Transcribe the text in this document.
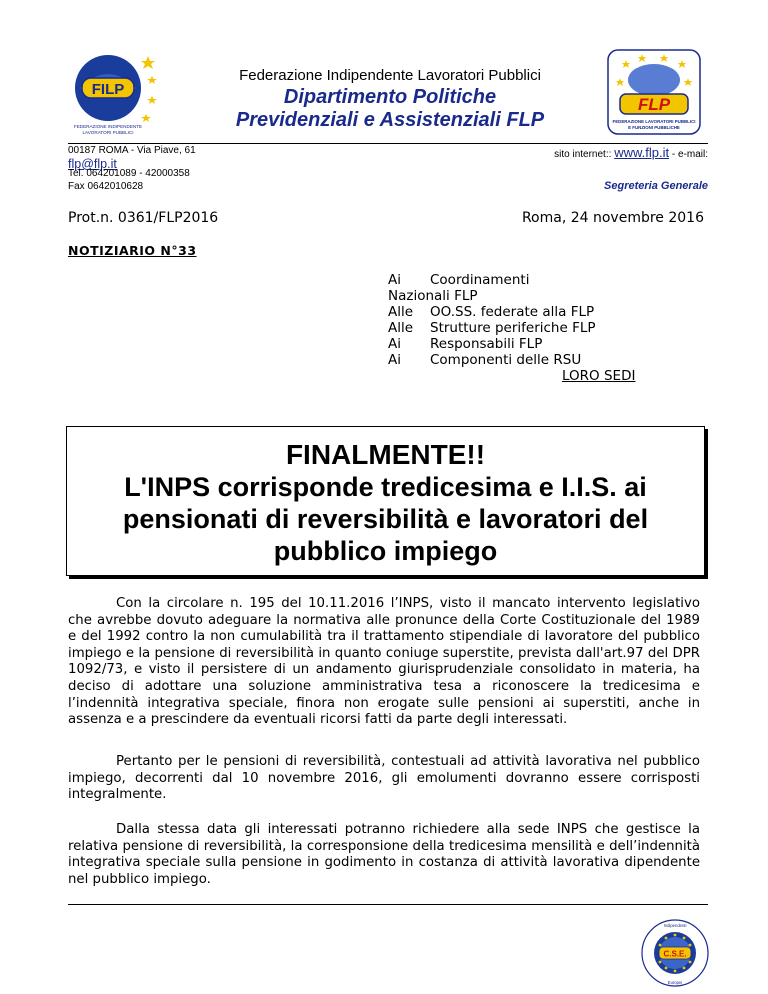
FILP
FEDERAZIONE INDIPENDENTE
LAVORATORI PUBBLICI
Federazione Indipendente Lavoratori Pubblici
Dipartimento Politiche
Previdenziali e Assistenziali FLP
FLP
FEDERAZIONE LAVORATORI PUBBLICI
E FUNZIONI PUBBLICHE
00187 ROMA - Via Piave, 61
flp@flp.it
Tel. 064201089 - 42000358
Fax 0642010628
sito internet:: www.flp.it - e-mail:
Segreteria Generale
Prot.n. 0361/FLP2016	Roma, 24 novembre 2016
NOTIZIARIO N°33
Ai	Coordinamenti
Nazionali FLP
Alle	OO.SS. federate alla FLP
Alle	Strutture periferiche FLP
Ai	Responsabili FLP
Ai	Componenti delle RSU
LORO SEDI
FINALMENTE!!
L'INPS corrisponde tredicesima e I.I.S. ai pensionati di reversibilità e lavoratori del pubblico impiego

Con la circolare n. 195 del 10.11.2016 l’INPS, visto il mancato intervento legislativo che avrebbe dovuto adeguare la normativa alle pronunce della Corte Costituzionale del 1989 e del 1992 contro la non cumulabilità tra il trattamento stipendiale di lavoratore del pubblico impiego e la pensione di reversibilità in quanto coniuge superstite, prevista dall'art.97 del DPR 1092/73, e visto il persistere di un andamento giurisprudenziale consolidato in materia, ha deciso di adottare una soluzione amministrativa tesa a riconoscere la tredicesima e l’indennità integrativa speciale, finora non erogate sulle pensioni ai superstiti, anche in assenza e a prescindere da eventuali ricorsi fatti da parte degli interessati.

Pertanto per le pensioni di reversibilità, contestuali ad attività lavorativa nel pubblico impiego, decorrenti dal 10 novembre 2016, gli emolumenti dovranno essere corrisposti integralmente.

Dalla stessa data gli interessati potranno richiedere alla sede INPS che gestisce la relativa pensione di reversibilità, la corresponsione della tredicesima mensilità e dell’indennità integrativa speciale sulla pensione in godimento in costanza di attività lavorativa dipendente nel pubblico impiego.

C.S.E.
Indipendenti
Europei
